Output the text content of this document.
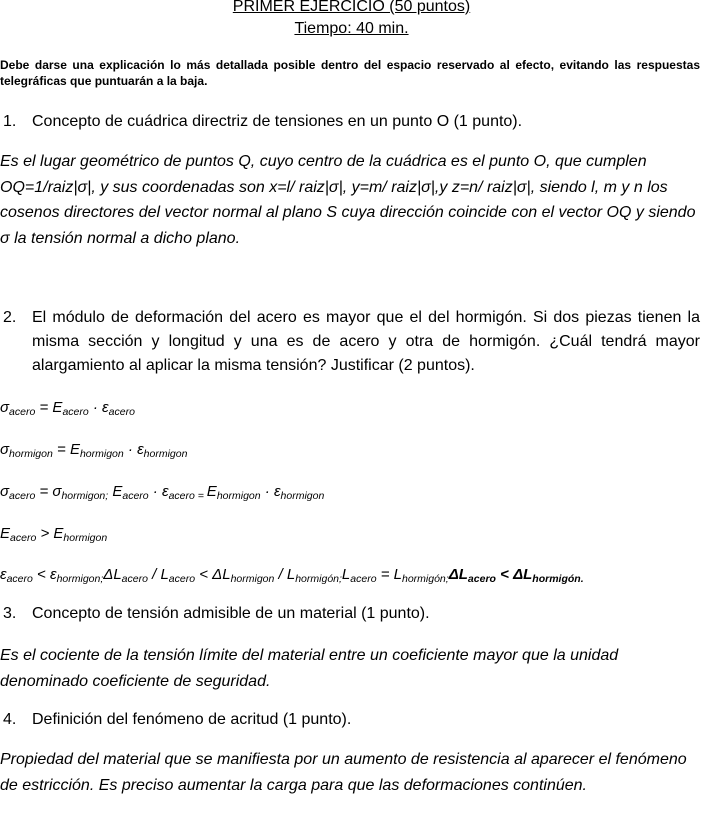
PRIMER EJERCICIO (50 puntos)
Tiempo: 40 min.
Debe darse una explicación lo más detallada posible dentro del espacio reservado al efecto, evitando las respuestas telegráficas que puntuarán a la baja.
1. Concepto de cuádrica directriz de tensiones en un punto O (1 punto).
Es el lugar geométrico de puntos Q, cuyo centro de la cuádrica es el punto O, que cumplen OQ=1/raiz|σ|, y sus coordenadas son x=l/ raiz|σ|, y=m/ raiz|σ|,y z=n/ raiz|σ|, siendo l, m y n los cosenos directores del vector normal al plano S cuya dirección coincide con el vector OQ y siendo σ la tensión normal a dicho plano.
2. El módulo de deformación del acero es mayor que el del hormigón. Si dos piezas tienen la misma sección y longitud y una es de acero y otra de hormigón. ¿Cuál tendrá mayor alargamiento al aplicar la misma tensión? Justificar (2 puntos).
$\sigma_{acero} = E_{acero} \cdot \varepsilon_{acero}$
$\sigma_{hormigon} = E_{hormigon} \cdot \varepsilon_{hormigon}$
$\sigma_{acero} = \sigma_{hormigon;}$ $E_{acero} \cdot \varepsilon_{acero}$ $_=$ $E_{hormigon} \cdot \varepsilon_{hormigon}$
$E_{acero} > E_{hormigon}$
$\varepsilon_{acero} < \varepsilon_{hormigon;}\Delta L_{acero} / L_{acero} < \Delta L_{hormigon} / L_{hormigón;}L_{acero} = L_{hormigón;}\Delta L_{acero} < \Delta L_{hormigón.}$
3. Concepto de tensión admisible de un material (1 punto).
Es el cociente de la tensión límite del material entre un coeficiente mayor que la unidad denominado coeficiente de seguridad.
4. Definición del fenómeno de acritud (1 punto).
Propiedad del material que se manifiesta por un aumento de resistencia al aparecer el fenómeno de estricción. Es preciso aumentar la carga para que las deformaciones continúen.
